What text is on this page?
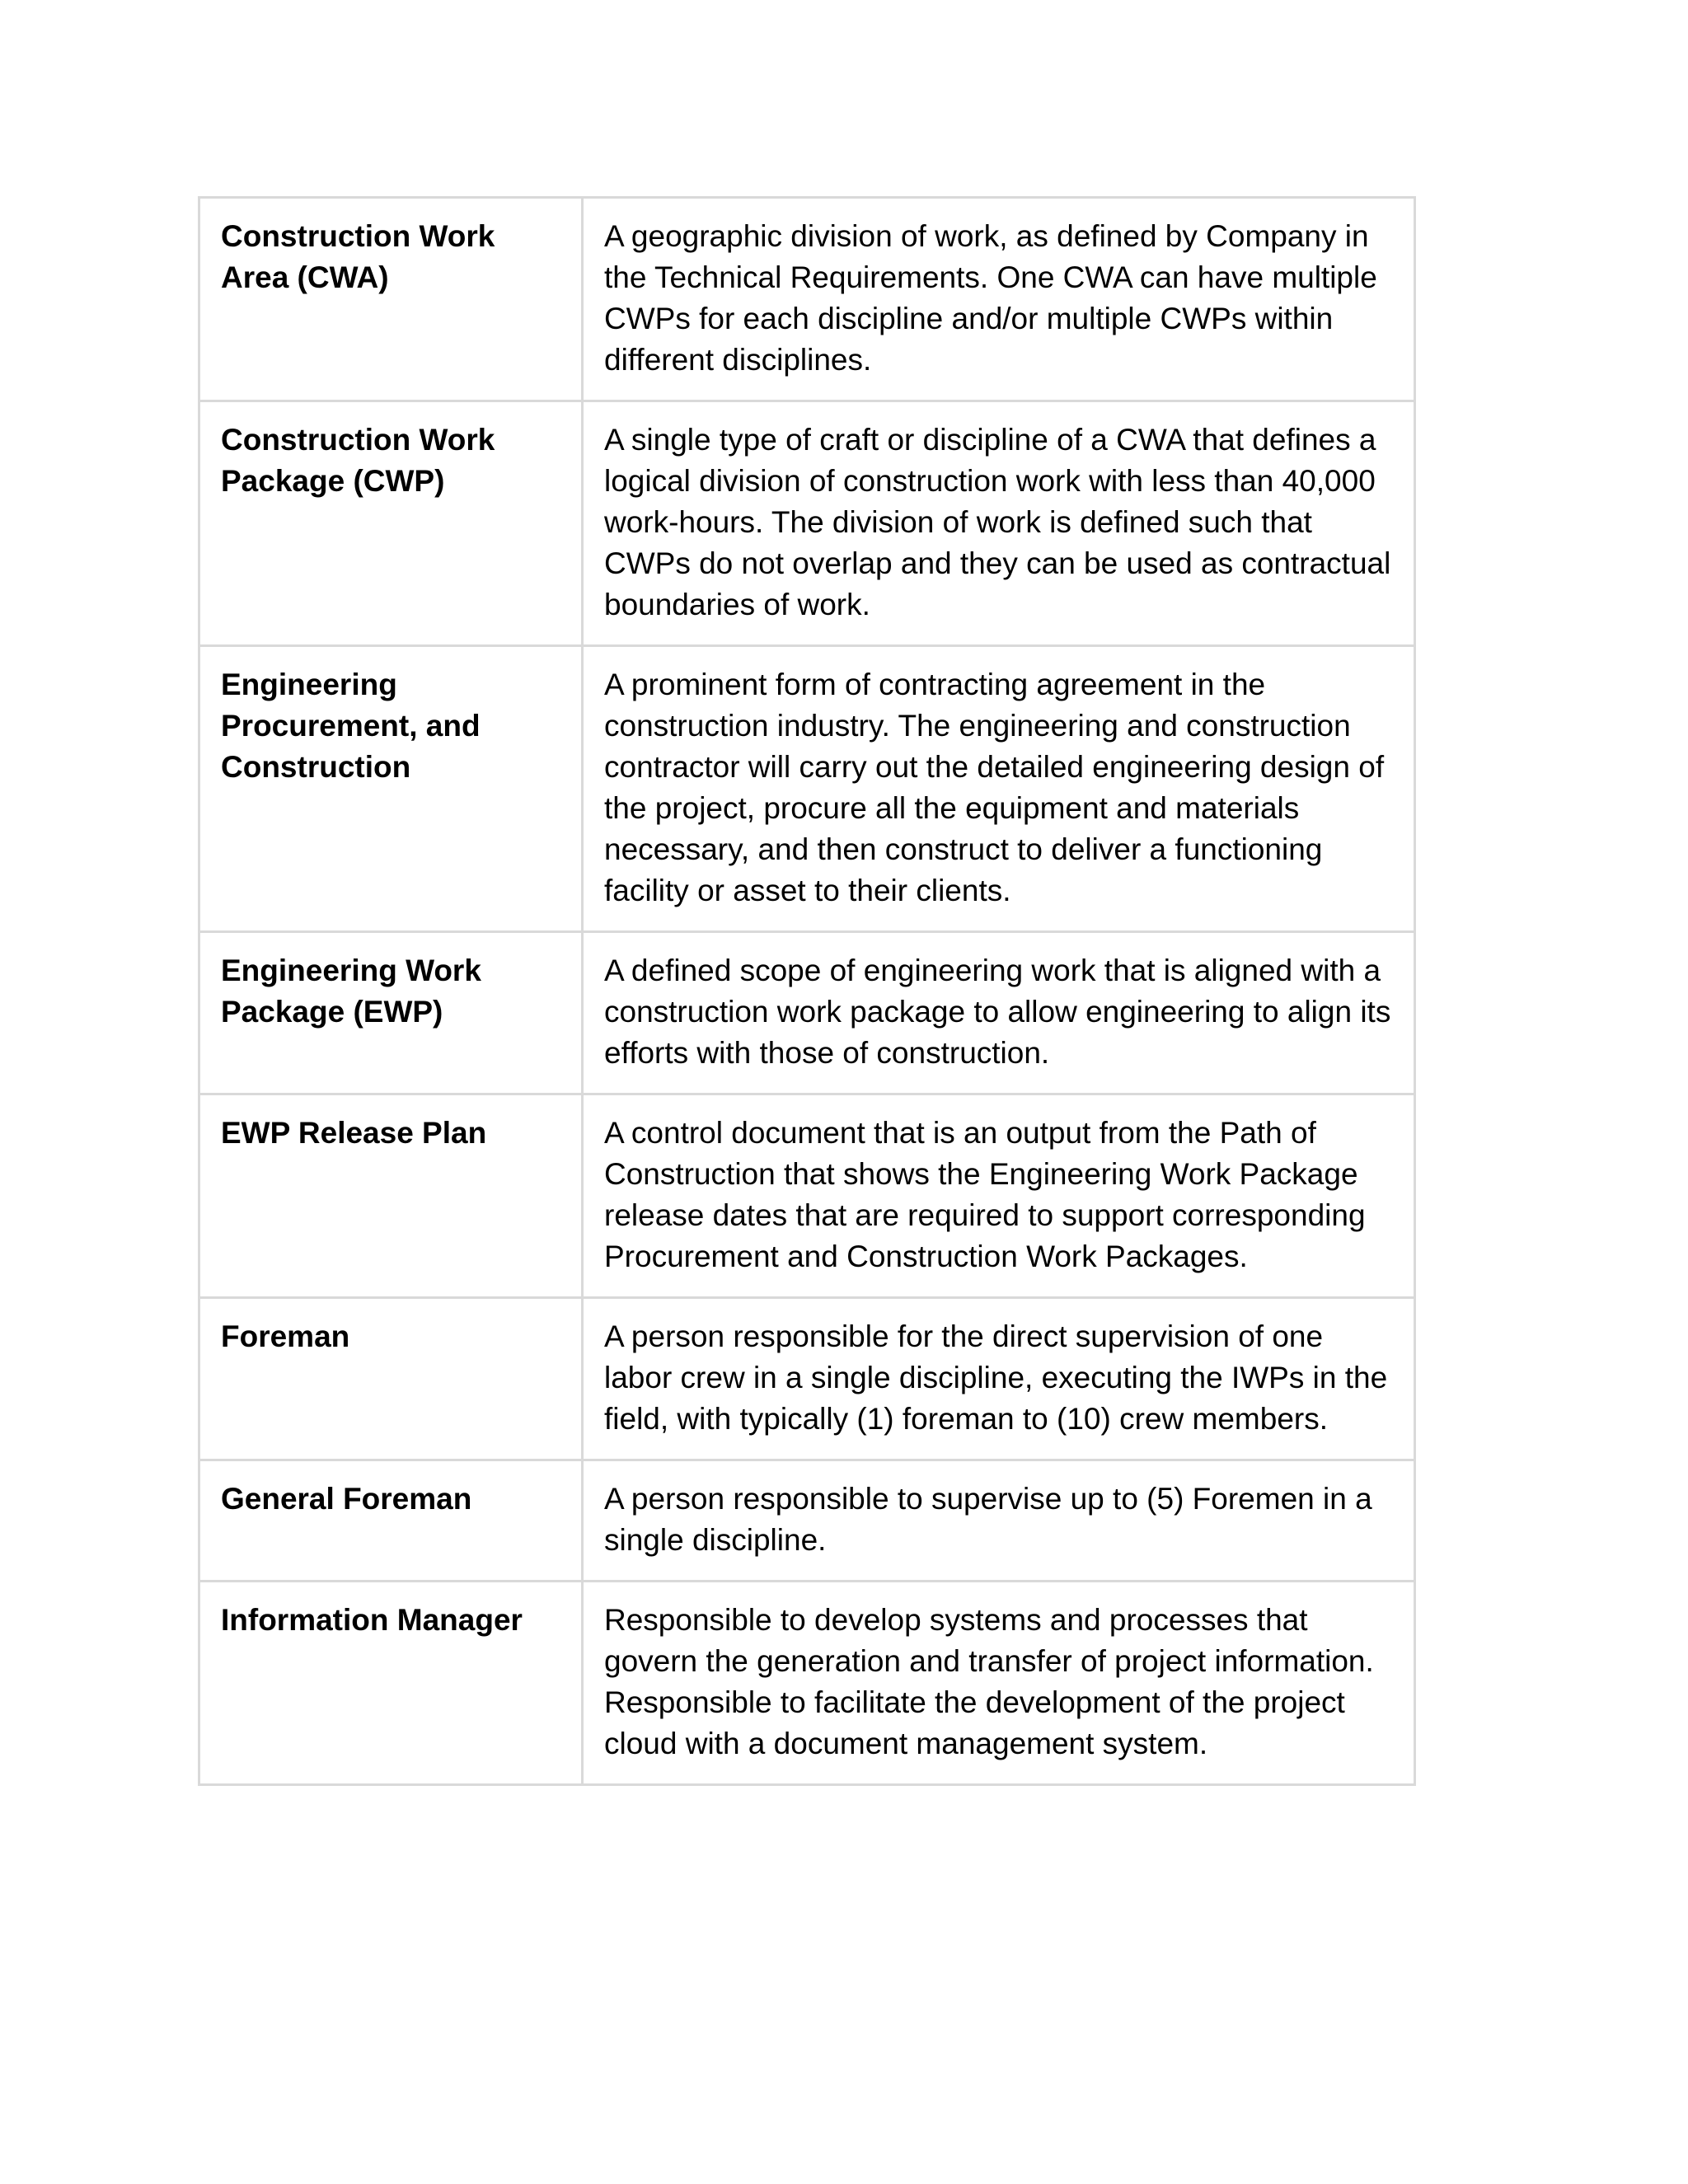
Construction Work Area (CWA)	A geographic division of work, as defined by Company in the Technical Requirements. One CWA can have multiple CWPs for each discipline and/or multiple CWPs within different disciplines.
Construction Work Package (CWP)	A single type of craft or discipline of a CWA that defines a logical division of construction work with less than 40,000 work-hours. The division of work is defined such that CWPs do not overlap and they can be used as contractual boundaries of work.
Engineering Procurement, and Construction	A prominent form of contracting agreement in the construction industry. The engineering and construction contractor will carry out the detailed engineering design of the project, procure all the equipment and materials necessary, and then construct to deliver a functioning facility or asset to their clients.
Engineering Work Package (EWP)	A defined scope of engineering work that is aligned with a construction work package to allow engineering to align its efforts with those of construction.
EWP Release Plan	A control document that is an output from the Path of Construction that shows the Engineering Work Package release dates that are required to support corresponding Procurement and Construction Work Packages.
Foreman	A person responsible for the direct supervision of one labor crew in a single discipline, executing the IWPs in the field, with typically (1) foreman to (10) crew members.
General Foreman	A person responsible to supervise up to (5) Foremen in a single discipline.
Information Manager	Responsible to develop systems and processes that govern the generation and transfer of project information. Responsible to facilitate the development of the project cloud with a document management system.
